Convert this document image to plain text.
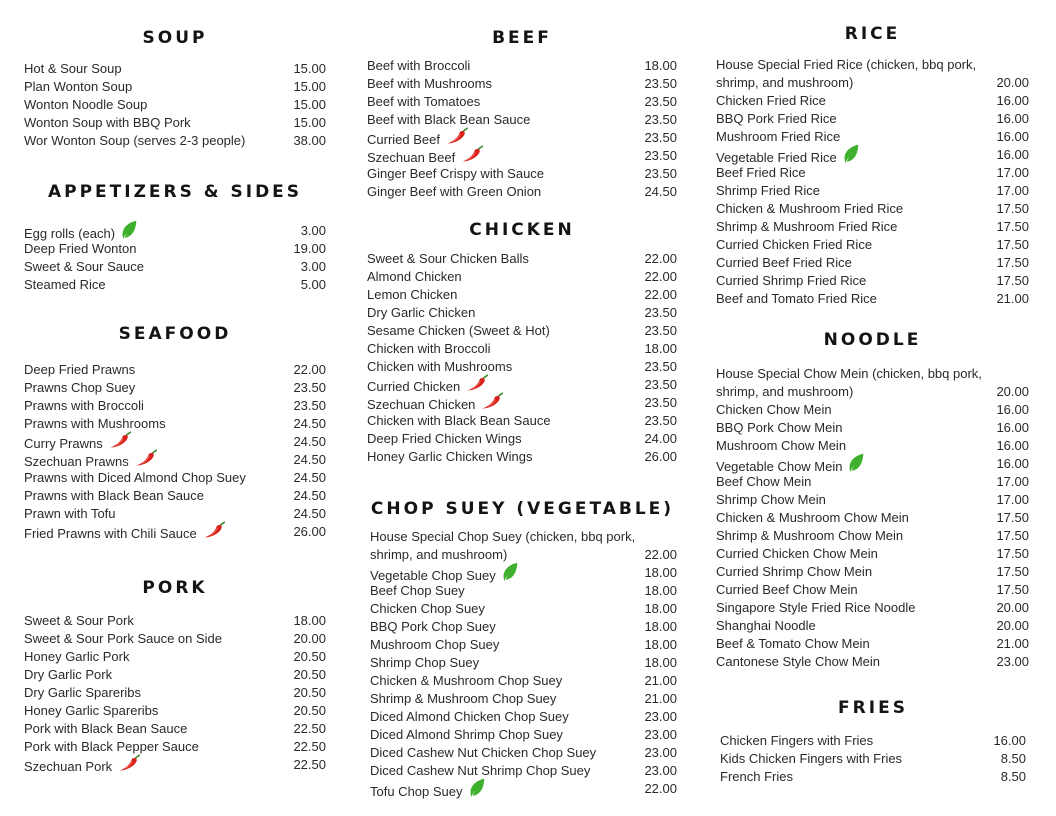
SOUP
Hot & Sour Soup	15.00
Plan Wonton Soup	15.00
Wonton Noodle Soup	15.00
Wonton Soup with BBQ Pork	15.00
Wor Wonton Soup (serves 2-3 people)	38.00
APPETIZERS & SIDES
Egg rolls (each)	3.00
Deep Fried Wonton	19.00
Sweet & Sour Sauce	3.00
Steamed Rice	5.00
SEAFOOD
Deep Fried Prawns	22.00
Prawns Chop Suey	23.50
Prawns with Broccoli	23.50
Prawns with Mushrooms	24.50
Curry Prawns	24.50
Szechuan Prawns	24.50
Prawns with Diced Almond Chop Suey	24.50
Prawns with Black Bean Sauce	24.50
Prawn with Tofu	24.50
Fried Prawns with Chili Sauce	26.00
PORK
Sweet & Sour Pork	18.00
Sweet & Sour Pork Sauce on Side	20.00
Honey Garlic Pork	20.50
Dry Garlic Pork	20.50
Dry Garlic Spareribs	20.50
Honey Garlic Spareribs	20.50
Pork with Black Bean Sauce	22.50
Pork with Black Pepper Sauce	22.50
Szechuan Pork	22.50
BEEF
Beef with Broccoli	18.00
Beef with Mushrooms	23.50
Beef with Tomatoes	23.50
Beef with Black Bean Sauce	23.50
Curried Beef	23.50
Szechuan Beef	23.50
Ginger Beef Crispy with Sauce	23.50
Ginger Beef with Green Onion	24.50
CHICKEN
Sweet & Sour Chicken Balls	22.00
Almond Chicken	22.00
Lemon Chicken	22.00
Dry Garlic Chicken	23.50
Sesame Chicken (Sweet & Hot)	23.50
Chicken with Broccoli	18.00
Chicken with Mushrooms	23.50
Curried Chicken	23.50
Szechuan Chicken	23.50
Chicken with Black Bean Sauce	23.50
Deep Fried Chicken Wings	24.00
Honey Garlic Chicken Wings	26.00
CHOP SUEY (VEGETABLE)
House Special Chop Suey (chicken, bbq pork, shrimp, and mushroom)	22.00
Vegetable Chop Suey	18.00
Beef Chop Suey	18.00
Chicken Chop Suey	18.00
BBQ Pork Chop Suey	18.00
Mushroom Chop Suey	18.00
Shrimp Chop Suey	18.00
Chicken & Mushroom Chop Suey	21.00
Shrimp & Mushroom Chop Suey	21.00
Diced Almond Chicken Chop Suey	23.00
Diced Almond Shrimp Chop Suey	23.00
Diced Cashew Nut Chicken Chop Suey	23.00
Diced Cashew Nut Shrimp Chop Suey	23.00
Tofu Chop Suey	22.00
RICE
House Special Fried Rice (chicken, bbq pork, shrimp, and mushroom)	20.00
Chicken Fried Rice	16.00
BBQ Pork Fried Rice	16.00
Mushroom Fried Rice	16.00
Vegetable Fried Rice	16.00
Beef Fried Rice	17.00
Shrimp Fried Rice	17.00
Chicken & Mushroom Fried Rice	17.50
Shrimp & Mushroom Fried Rice	17.50
Curried Chicken Fried Rice	17.50
Curried Beef Fried Rice	17.50
Curried Shrimp Fried Rice	17.50
Beef and Tomato Fried Rice	21.00
NOODLE
House Special Chow Mein (chicken, bbq pork, shrimp, and mushroom)	20.00
Chicken Chow Mein	16.00
BBQ Pork Chow Mein	16.00
Mushroom Chow Mein	16.00
Vegetable Chow Mein	16.00
Beef Chow Mein	17.00
Shrimp Chow Mein	17.00
Chicken & Mushroom Chow Mein	17.50
Shrimp & Mushroom Chow Mein	17.50
Curried Chicken Chow Mein	17.50
Curried Shrimp Chow Mein	17.50
Curried Beef Chow Mein	17.50
Singapore Style Fried Rice Noodle	20.00
Shanghai Noodle	20.00
Beef & Tomato Chow Mein	21.00
Cantonese Style Chow Mein	23.00
FRIES
Chicken Fingers with Fries	16.00
Kids Chicken Fingers with Fries	8.50
French Fries	8.50
